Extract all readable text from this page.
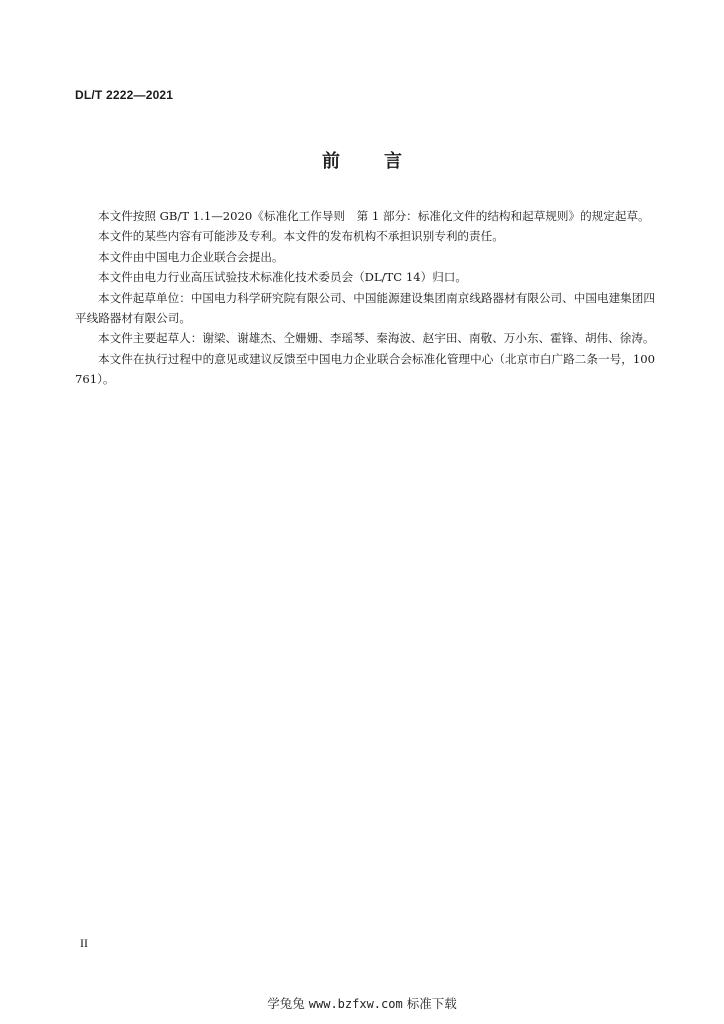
DL/T 2222—2021
前 言

本文件按照 GB/T 1.1—2020《标准化工作导则　第 1 部分：标准化文件的结构和起草规则》的规定起草。

本文件的某些内容有可能涉及专利。本文件的发布机构不承担识别专利的责任。

本文件由中国电力企业联合会提出。

本文件由电力行业高压试验技术标准化技术委员会（DL/TC 14）归口。

本文件起草单位：中国电力科学研究院有限公司、中国能源建设集团南京线路器材有限公司、中国电建集团四平线路器材有限公司。

本文件主要起草人：谢梁、谢雄杰、仝姗姗、李瑶琴、秦海波、赵宇田、南敬、万小东、霍锋、胡伟、徐涛。

本文件在执行过程中的意见或建议反馈至中国电力企业联合会标准化管理中心（北京市白广路二条一号，100761）。

II
学兔兔 www.bzfxw.com 标准下载
